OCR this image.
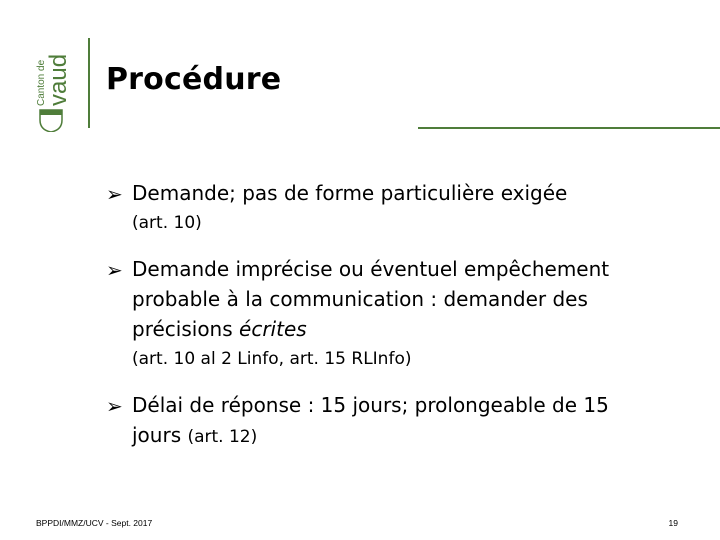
Canton de
vaud Procédure
➢ Demande; pas de forme particulière exigée
(art. 10)
➢ Demande imprécise ou éventuel empêchement
probable à la communication : demander des
précisions écrites
(art. 10 al 2 Linfo, art. 15 RLInfo)
➢ Délai de réponse : 15 jours; prolongeable de 15
jours (art. 12)
BPPDI/MMZ/UCV - Sept. 2017	19
